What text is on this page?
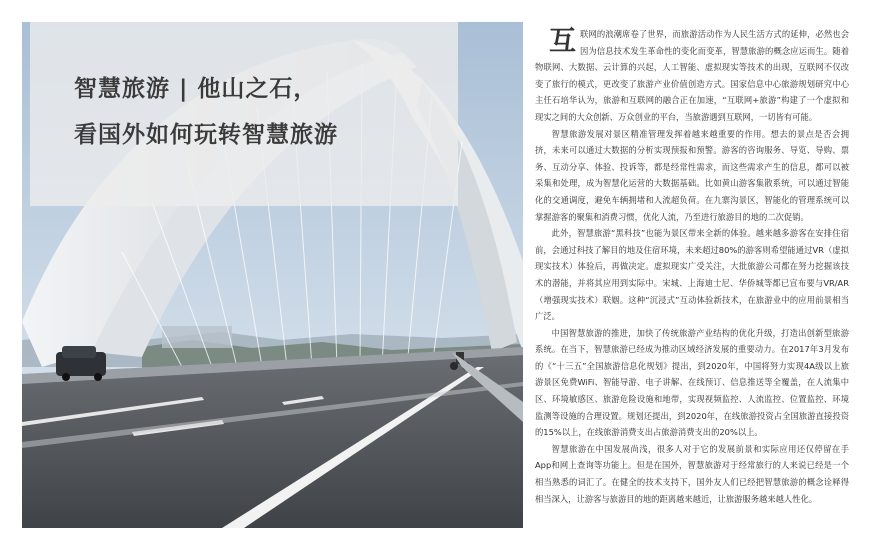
智慧旅游 | 他山之石，
看国外如何玩转智慧旅游

互联网的浪潮席卷了世界，而旅游活动作为人民生活方式的延伸，必然也会因为信息技术发生革命性的变化而变革，智慧旅游的概念应运而生。随着物联网、大数据、云计算的兴起，人工智能、虚拟现实等技术的出现，互联网不仅改变了旅行的模式，更改变了旅游产业价值创造方式。国家信息中心旅游规划研究中心主任石培华认为，旅游和互联网的融合正在加速，“互联网+旅游”构建了一个虚拟和现实之间的大众创新、万众创业的平台，当旅游遇到互联网，一切皆有可能。

智慧旅游发展对景区精准管理发挥着越来越重要的作用。想去的景点是否会拥挤，未来可以通过大数据的分析实现预报和预警。游客的咨询服务、导览、导购、票务、互动分享、体验、投诉等，都是经常性需求，而这些需求产生的信息，都可以被采集和处理，成为智慧化运营的大数据基础。比如黄山游客集散系统，可以通过智能化的交通调度，避免车辆拥堵和人流超负荷。在九寨沟景区，智能化的管理系统可以掌握游客的聚集和消费习惯，优化人流，乃至进行旅游目的地的二次促销。

此外，智慧旅游“黑科技”也能为景区带来全新的体验。越来越多游客在安排住宿前，会通过科技了解目的地及住宿环境，未来超过80%的游客则希望能通过VR（虚拟现实技术）体验后，再做决定。虚拟现实广受关注，大批旅游公司都在努力挖掘该技术的潜能，并将其应用到实际中。宋城、上海迪士尼、华侨城等都已宣布要与VR/AR（增强现实技术）联姻。这种“沉浸式”互动体验新技术，在旅游业中的应用前景相当广泛。

中国智慧旅游的推进，加快了传统旅游产业结构的优化升级，打造出创新型旅游系统。在当下，智慧旅游已经成为推动区域经济发展的重要动力。在2017年3月发布的《“十三五”全国旅游信息化规划》提出，到2020年，中国将努力实现4A级以上旅游景区免费WiFi、智能导游、电子讲解、在线预订、信息推送等全覆盖，在人流集中区、环境敏感区、旅游危险设施和地带，实现视频监控、人流监控、位置监控、环境监测等设施的合理设置。规划还提出，到2020年，在线旅游投资占全国旅游直接投资的15%以上，在线旅游消费支出占旅游消费支出的20%以上。

智慧旅游在中国发展尚浅，很多人对于它的发展前景和实际应用还仅停留在手App和网上查询等功能上。但是在国外，智慧旅游对于经常旅行的人来说已经是一个相当熟悉的词汇了。在健全的技术支持下，国外友人们已经把智慧旅游的概念诠释得相当深入，让游客与旅游目的地的距离越来越近，让旅游服务越来越人性化。
